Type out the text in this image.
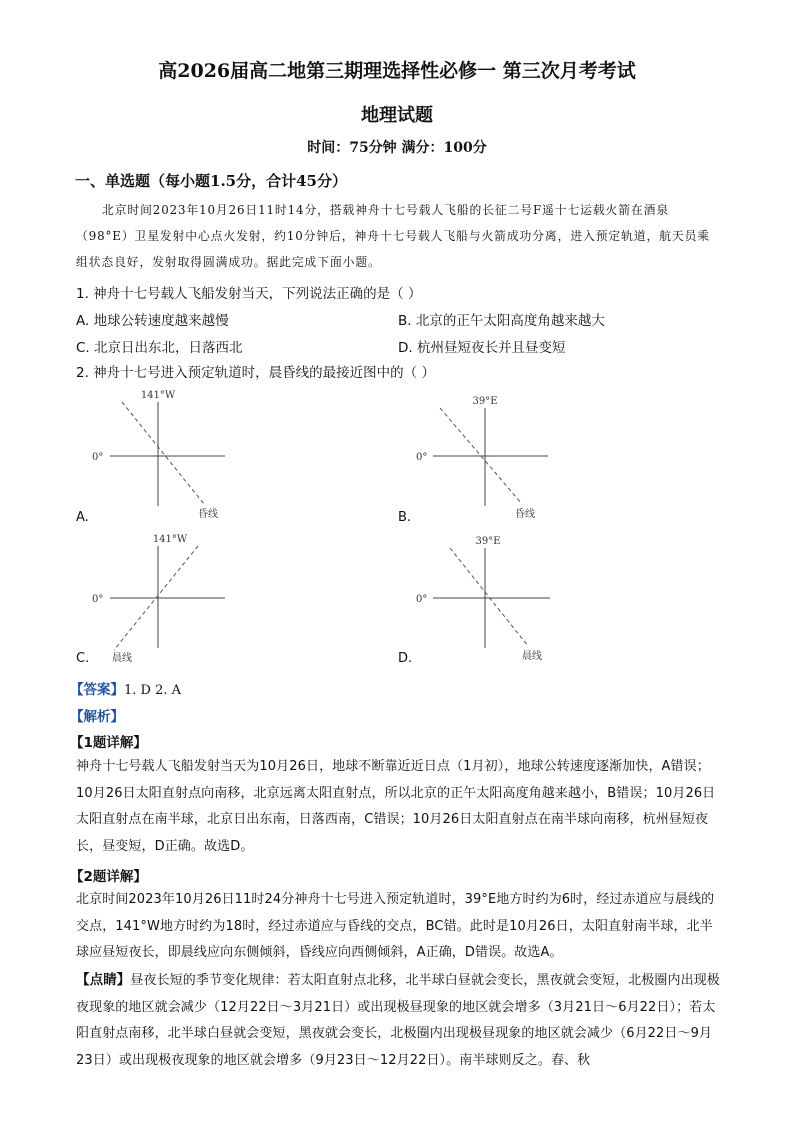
高2026届高二地第三期理选择性必修一 第三次月考考试
地理试题
时间：75分钟 满分：100分
一、单选题（每小题1.5分，合计45分）
北京时间2023年10月26日11时14分，搭载神舟十七号载人飞船的长征二号F遥十七运载火箭在酒泉（98°E）卫星发射中心点火发射，约10分钟后，神舟十七号载人飞船与火箭成功分离，进入预定轨道，航天员乘组状态良好，发射取得圆满成功。据此完成下面小题。
1. 神舟十七号载人飞船发射当天，下列说法正确的是（ ）
A. 地球公转速度越来越慢	B. 北京的正午太阳高度角越来越大
C. 北京日出东北，日落西北	D. 杭州昼短夜长并且昼变短
2. 神舟十七号进入预定轨道时，晨昏线的最接近图中的（ ）
141°W
0°
昏线
A.
39°E
0°
昏线
B.
141°W
0°
晨线
C.
39°E
0°
晨线
D.
【答案】1. D 2. A
【解析】
【1题详解】
神舟十七号载人飞船发射当天为10月26日，地球不断靠近近日点（1月初），地球公转速度逐渐加快，A错误；10月26日太阳直射点向南移，北京远离太阳直射点，所以北京的正午太阳高度角越来越小，B错误；10月26日太阳直射点在南半球，北京日出东南，日落西南，C错误；10月26日太阳直射点在南半球向南移，杭州昼短夜长，昼变短，D正确。故选D。
【2题详解】
北京时间2023年10月26日11时24分神舟十七号进入预定轨道时，39°E地方时约为6时，经过赤道应与晨线的交点，141°W地方时约为18时，经过赤道应与昏线的交点，BC错。此时是10月26日，太阳直射南半球，北半球应昼短夜长，即晨线应向东侧倾斜，昏线应向西侧倾斜，A正确，D错误。故选A。
【点睛】昼夜长短的季节变化规律：若太阳直射点北移，北半球白昼就会变长，黑夜就会变短，北极圈内出现极夜现象的地区就会减少（12月22日～3月21日）或出现极昼现象的地区就会增多（3月21日～6月22日）；若太阳直射点南移，北半球白昼就会变短，黑夜就会变长，北极圈内出现极昼现象的地区就会减少（6月22日～9月23日）或出现极夜现象的地区就会增多（9月23日～12月22日）。南半球则反之。春、秋
